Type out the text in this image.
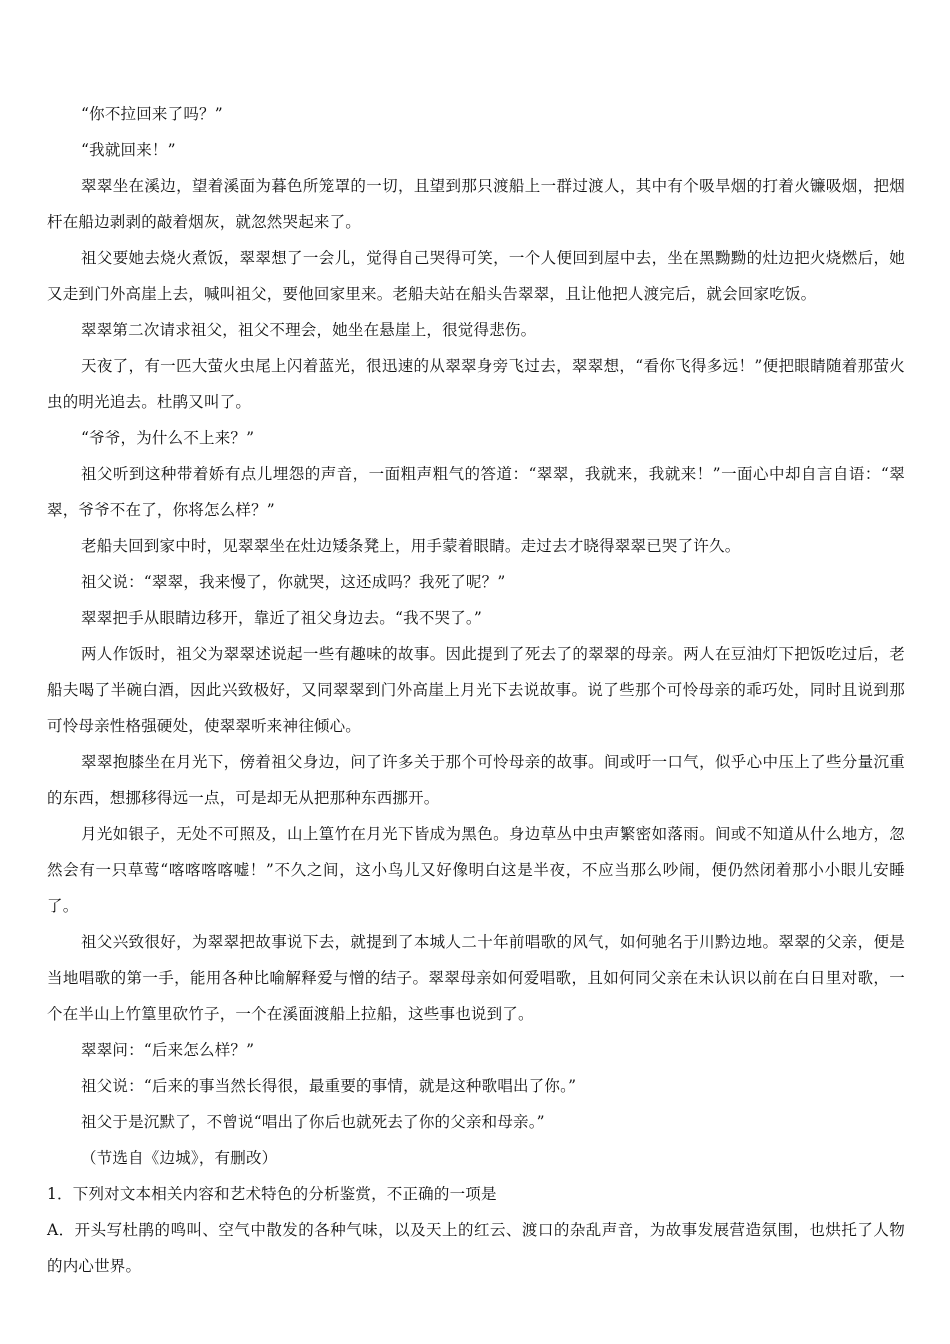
“你不拉回来了吗？”

“我就回来！”

翠翠坐在溪边，望着溪面为暮色所笼罩的一切，且望到那只渡船上一群过渡人，其中有个吸旱烟的打着火镰吸烟，把烟杆在船边剥剥的敲着烟灰，就忽然哭起来了。

祖父要她去烧火煮饭，翠翠想了一会儿，觉得自己哭得可笑，一个人便回到屋中去，坐在黑黝黝的灶边把火烧燃后，她又走到门外高崖上去，喊叫祖父，要他回家里来。老船夫站在船头告翠翠，且让他把人渡完后，就会回家吃饭。

翠翠第二次请求祖父，祖父不理会，她坐在悬崖上，很觉得悲伤。

天夜了，有一匹大萤火虫尾上闪着蓝光，很迅速的从翠翠身旁飞过去，翠翠想，“看你飞得多远！”便把眼睛随着那萤火虫的明光追去。杜鹃又叫了。

“爷爷，为什么不上来？”

祖父听到这种带着娇有点儿埋怨的声音，一面粗声粗气的答道：“翠翠，我就来，我就来！”一面心中却自言自语：“翠翠，爷爷不在了，你将怎么样？”

老船夫回到家中时，见翠翠坐在灶边矮条凳上，用手蒙着眼睛。走过去才晓得翠翠已哭了许久。

祖父说：“翠翠，我来慢了，你就哭，这还成吗？我死了呢？”

翠翠把手从眼睛边移开，靠近了祖父身边去。“我不哭了。”

两人作饭时，祖父为翠翠述说起一些有趣味的故事。因此提到了死去了的翠翠的母亲。两人在豆油灯下把饭吃过后，老船夫喝了半碗白酒，因此兴致极好，又同翠翠到门外高崖上月光下去说故事。说了些那个可怜母亲的乖巧处，同时且说到那可怜母亲性格强硬处，使翠翠听来神往倾心。

翠翠抱膝坐在月光下，傍着祖父身边，问了许多关于那个可怜母亲的故事。间或吁一口气，似乎心中压上了些分量沉重的东西，想挪移得远一点，可是却无从把那种东西挪开。

月光如银子，无处不可照及，山上篁竹在月光下皆成为黑色。身边草丛中虫声繁密如落雨。间或不知道从什么地方，忽然会有一只草莺“喀喀喀喀嘘！”不久之间，这小鸟儿又好像明白这是半夜，不应当那么吵闹，便仍然闭着那小小眼儿安睡了。

祖父兴致很好，为翠翠把故事说下去，就提到了本城人二十年前唱歌的风气，如何驰名于川黔边地。翠翠的父亲，便是当地唱歌的第一手，能用各种比喻解释爱与憎的结子。翠翠母亲如何爱唱歌，且如何同父亲在未认识以前在白日里对歌，一个在半山上竹篁里砍竹子，一个在溪面渡船上拉船，这些事也说到了。

翠翠问：“后来怎么样？”

祖父说：“后来的事当然长得很，最重要的事情，就是这种歌唱出了你。”

祖父于是沉默了，不曾说“唱出了你后也就死去了你的父亲和母亲。”

（节选自《边城》，有删改）

1．下列对文本相关内容和艺术特色的分析鉴赏，不正确的一项是

A．开头写杜鹃的鸣叫、空气中散发的各种气味，以及天上的红云、渡口的杂乱声音，为故事发展营造氛围，也烘托了人物的内心世界。
